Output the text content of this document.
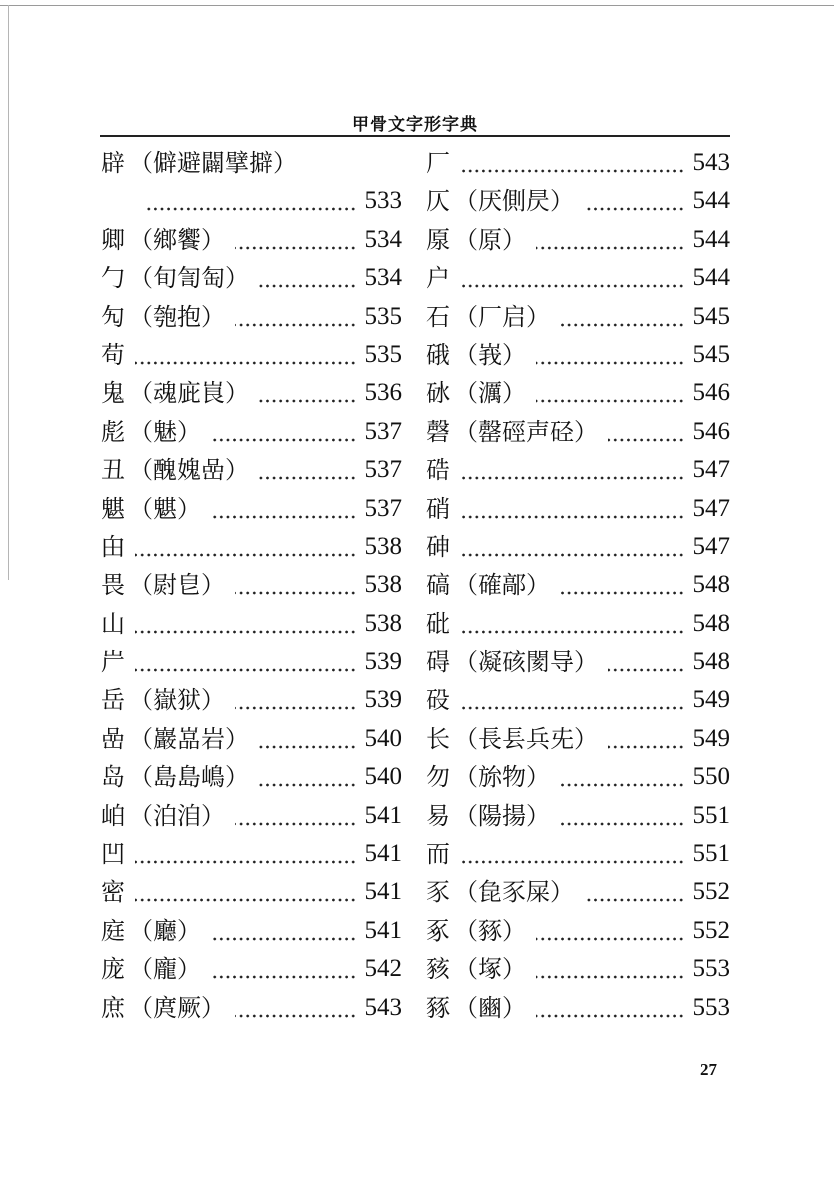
甲骨文字形字典
辟 （僻避闢擘擗）
533
卿 （鄉饗）	534
勹 （旬訇匋）	534
勼 （匏抱）	535
苟	535
鬼 （魂庛峎）	536
彪 （魅）	537
丑 （醜媿嵒）	537
魌 （魌）	537
甶	538
畏 （㷉皀）	538
山	538
屵	539
岳 （嶽狱）	539
嵒 （巖嵓岩）	540
岛 （島島嶋）	540
岶 （泊洎）	541
凹	541
密	541
庭 （廳）	541
庞 （龐）	542
庶 （庹厥）	543
厂	543
仄 （厌側昃）	544
厡 （原）	544
户	544
石 （厂启）	545
硪 （峩）	545
砅 （濿）	546
磬 （罄硜声硁）	546
硞	547
硝	547
砷	547
碻 （確鄗）	548
砒	548
碍 （凝硋閡导）	548
砓	549
长 （長镸兵兂）	549
勿 （旀物）	550
易 （陽揚）	551
而	551
豕 （㲋豕屎）	552
豖 （豩）	552
豥 （塚）	553
豩 （豳）	553
27
